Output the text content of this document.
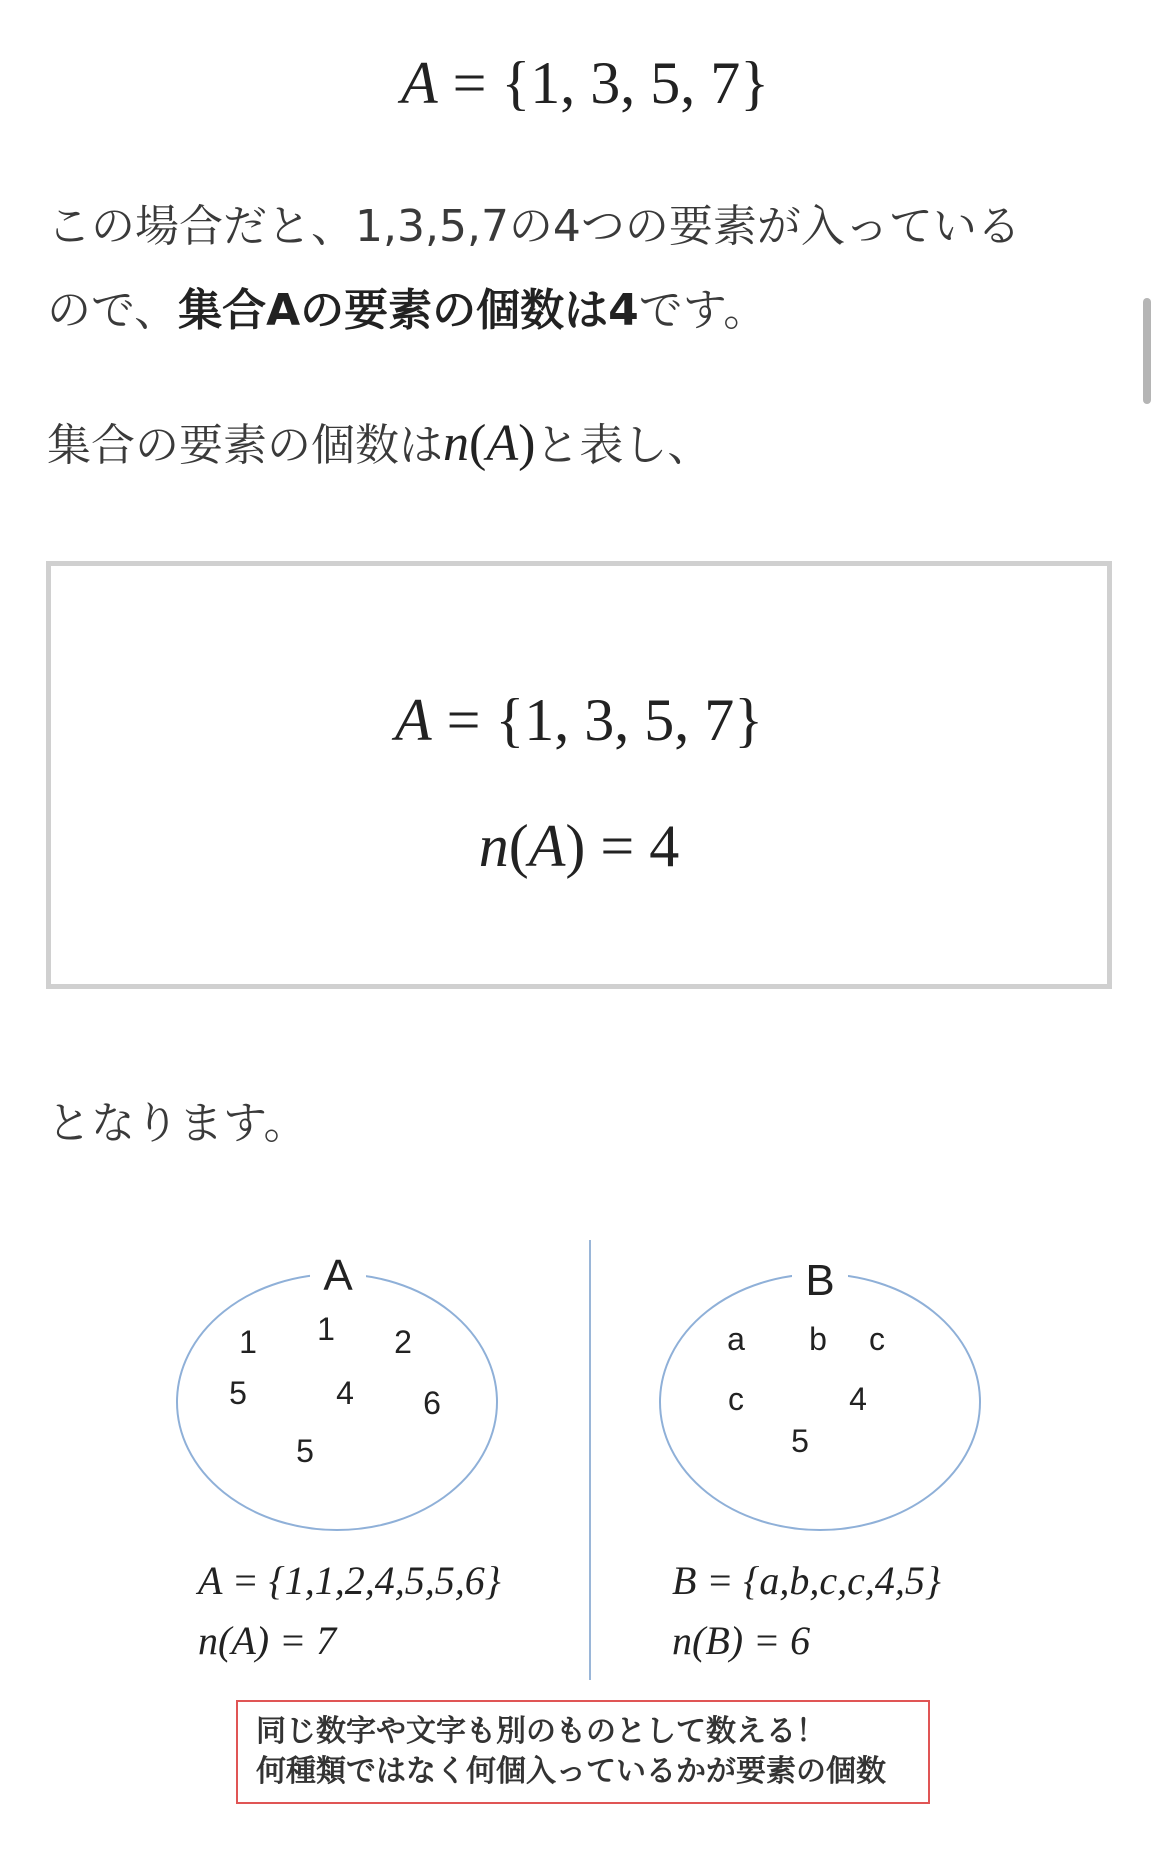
A = {1, 3, 5, 7}
この場合だと、1,3,5,7の4つの要素が入っている
ので、集合Aの要素の個数は4です。
集合の要素の個数はn(A)と表し、
A = {1, 3, 5, 7}
n(A) = 4
となります。
A
1 1 2
5	4 6
5
A = {1,1,2,4,5,5,6}
n(A) = 7
B
a b c
c	4
5
B = {a,b,c,c,4,5}
n(B) = 6
同じ数字や文字も別のものとして数える！
何種類ではなく何個入っているかが要素の個数
